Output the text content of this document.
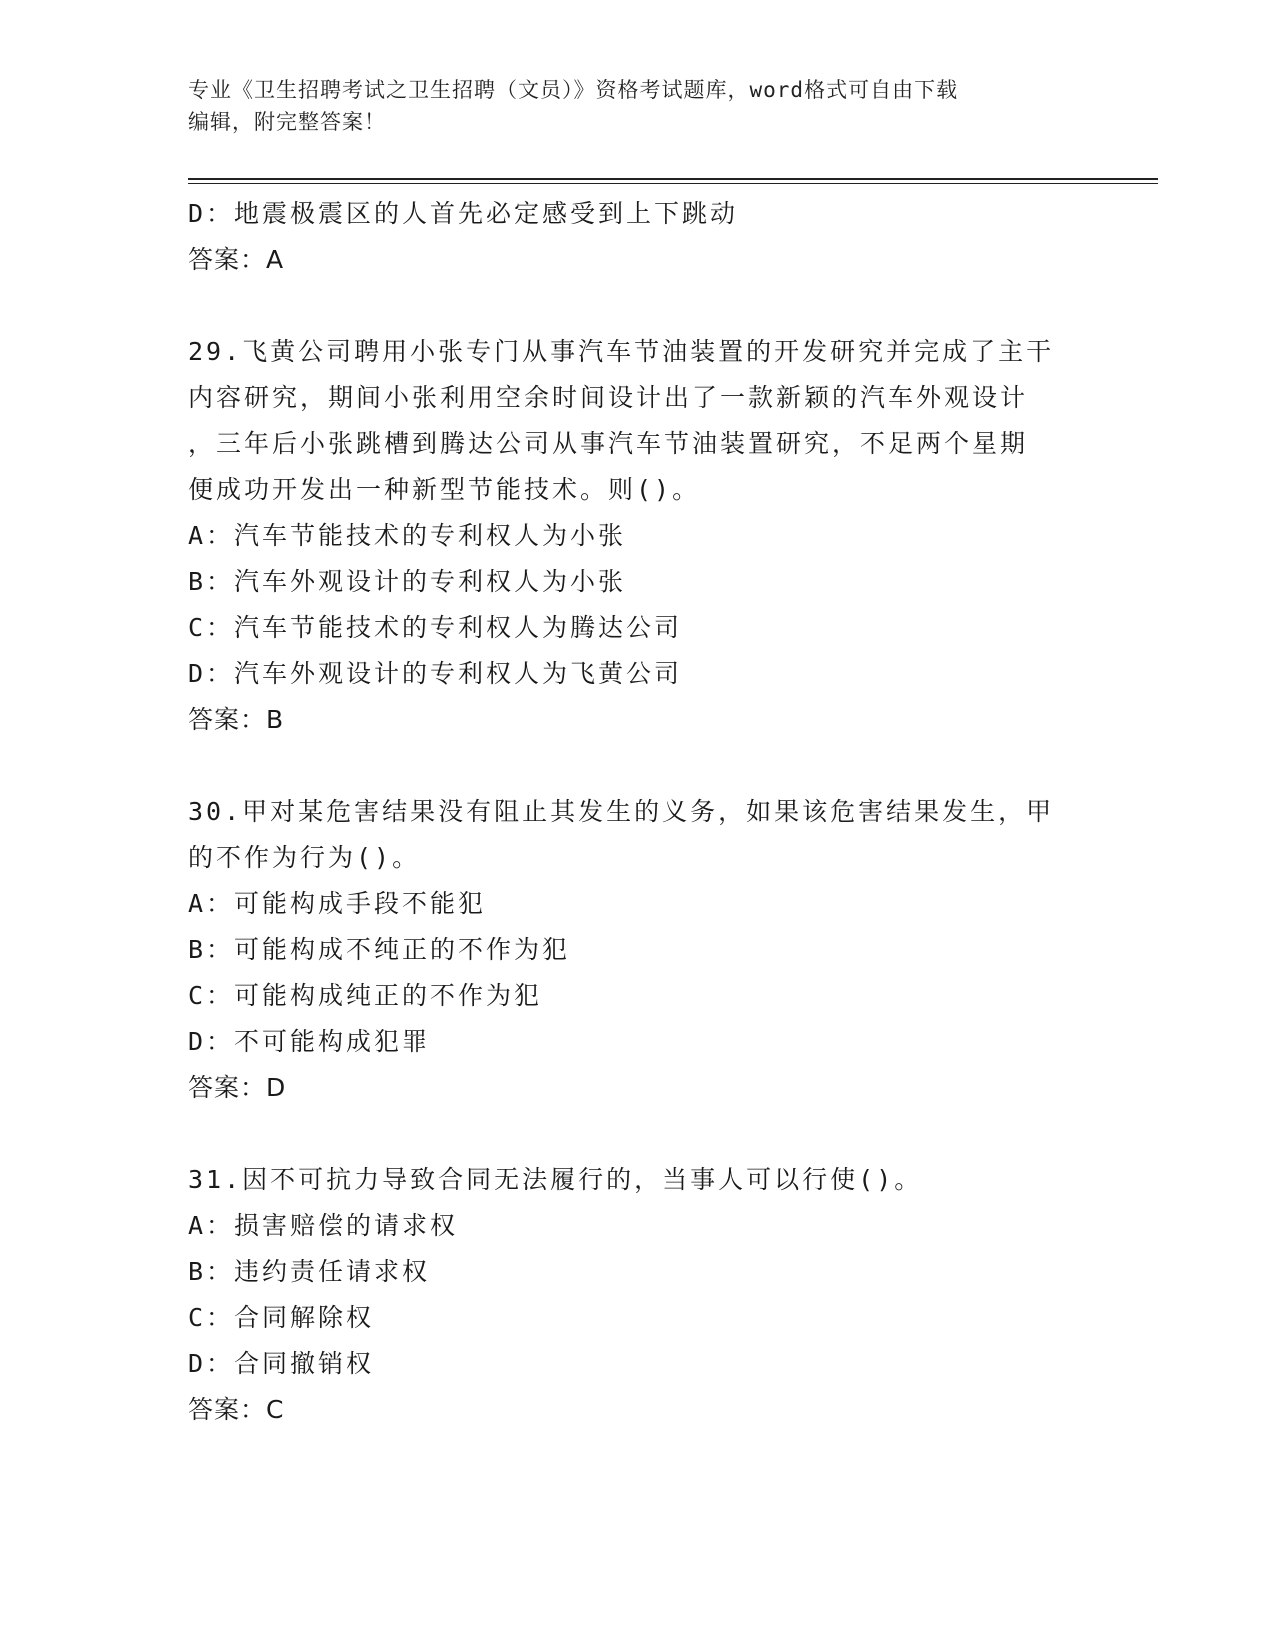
专业《卫生招聘考试之卫生招聘（文员）》资格考试题库，word格式可自由下载
编辑，附完整答案！
D：地震极震区的人首先必定感受到上下跳动
答案：A
29.飞黄公司聘用小张专门从事汽车节油装置的开发研究并完成了主干
内容研究，期间小张利用空余时间设计出了一款新颖的汽车外观设计
，三年后小张跳槽到腾达公司从事汽车节油装置研究，不足两个星期
便成功开发出一种新型节能技术。则()。
A：汽车节能技术的专利权人为小张
B：汽车外观设计的专利权人为小张
C：汽车节能技术的专利权人为腾达公司
D：汽车外观设计的专利权人为飞黄公司
答案：B
30.甲对某危害结果没有阻止其发生的义务，如果该危害结果发生，甲
的不作为行为()。
A：可能构成手段不能犯
B：可能构成不纯正的不作为犯
C：可能构成纯正的不作为犯
D：不可能构成犯罪
答案：D
31.因不可抗力导致合同无法履行的，当事人可以行使()。
A：损害赔偿的请求权
B：违约责任请求权
C：合同解除权
D：合同撤销权
答案：C
